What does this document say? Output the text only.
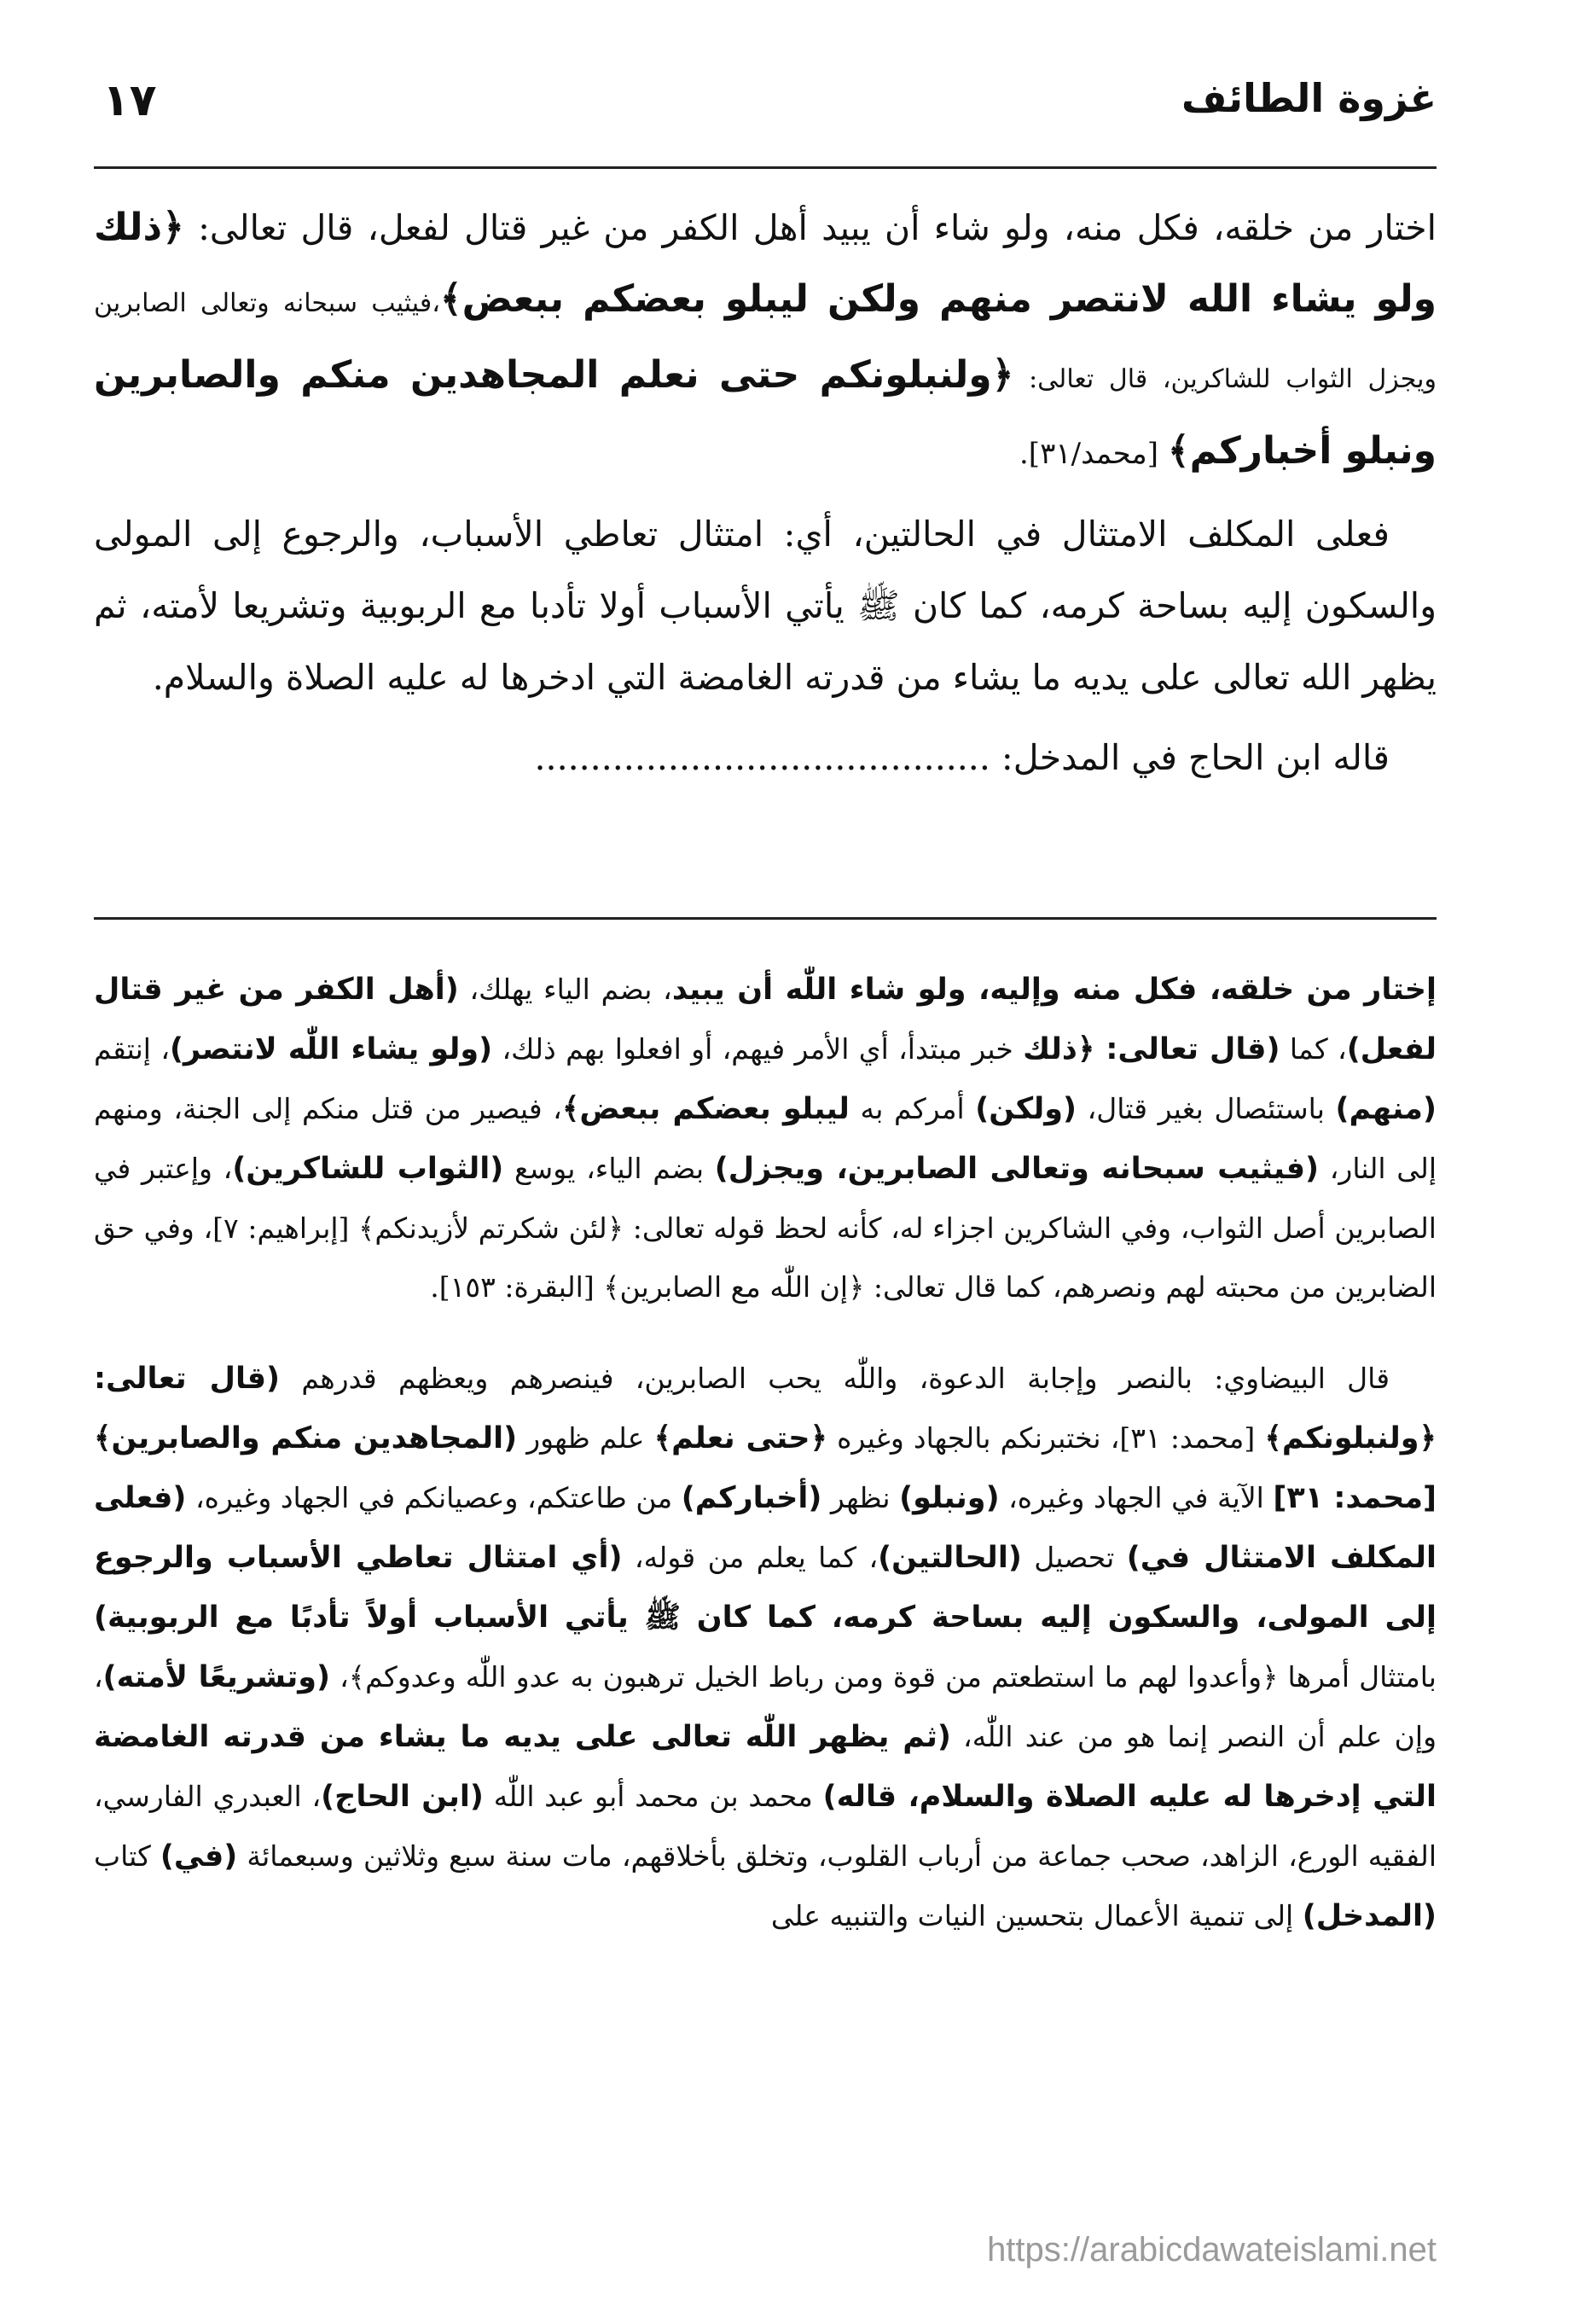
غزوة الطائف
١٧

اختار من خلقه، فكل منه، ولو شاء أن يبيد أهل الكفر من غير قتال لفعل، قال تعالى: ﴿ذلك ولو يشاء الله لانتصر منهم ولكن ليبلو بعضكم ببعض﴾،فيثيب سبحانه وتعالى الصابرين ويجزل الثواب للشاكرين، قال تعالى: ﴿ولنبلونكم حتى نعلم المجاهدين منكم والصابرين ونبلو أخباركم﴾ [محمد/٣١].

فعلى المكلف الامتثال في الحالتين، أي: امتثال تعاطي الأسباب، والرجوع إلى المولى والسكون إليه بساحة كرمه، كما كان ﷺ يأتي الأسباب أولا تأدبا مع الربوبية وتشريعا لأمته، ثم يظهر الله تعالى على يديه ما يشاء من قدرته الغامضة التي ادخرها له عليه الصلاة والسلام.

قاله ابن الحاج في المدخل: .........................................

إختار من خلقه، فكل منه وإليه، ولو شاء اللّٰه أن يبيد، بضم الياء يهلك، (أهل الكفر من غير قتال لفعل)، كما (قال تعالى: ﴿ذلك خبر مبتدأ، أي الأمر فيهم، أو افعلوا بهم ذلك، (ولو يشاء اللّٰه لانتصر)، إنتقم (منهم) باستئصال بغير قتال، (ولكن) أمركم به ليبلو بعضكم ببعض﴾، فيصير من قتل منكم إلى الجنة، ومنهم إلى النار، (فيثيب سبحانه وتعالى الصابرين، ويجزل) بضم الياء، يوسع (الثواب للشاكرين)، وإعتبر في الصابرين أصل الثواب، وفي الشاكرين اجزاء له، كأنه لحظ قوله تعالى: ﴿لئن شكرتم لأزيدنكم﴾ [إبراهيم: ٧]، وفي حق الضابرين من محبته لهم ونصرهم، كما قال تعالى: ﴿إن اللّٰه مع الصابرين﴾ [البقرة: ١٥٣].

قال البيضاوي: بالنصر وإجابة الدعوة، واللّٰه يحب الصابرين، فينصرهم ويعظهم قدرهم (قال تعالى: ﴿ولنبلونكم﴾ [محمد: ٣١]، نختبرنكم بالجهاد وغيره ﴿حتى نعلم﴾ علم ظهور (المجاهدين منكم والصابرين﴾ [محمد: ٣١] الآية في الجهاد وغيره، (ونبلو) نظهر (أخباركم) من طاعتكم، وعصيانكم في الجهاد وغيره، (فعلى المكلف الامتثال في) تحصيل (الحالتين)، كما يعلم من قوله، (أي امتثال تعاطي الأسباب والرجوع إلى المولى، والسكون إليه بساحة كرمه، كما كان ﷺ يأتي الأسباب أولاً تأدبًا مع الربوبية) بامتثال أمرها ﴿وأعدوا لهم ما استطعتم من قوة ومن رباط الخيل ترهبون به عدو اللّٰه وعدوكم﴾، (وتشريعًا لأمته)، وإن علم أن النصر إنما هو من عند اللّٰه، (ثم يظهر اللّٰه تعالى على يديه ما يشاء من قدرته الغامضة التي إدخرها له عليه الصلاة والسلام، قاله) محمد بن محمد أبو عبد اللّٰه (ابن الحاج)، العبدري الفارسي، الفقيه الورع، الزاهد، صحب جماعة من أرباب القلوب، وتخلق بأخلاقهم، مات سنة سبع وثلاثين وسبعمائة (في) كتاب (المدخل) إلى تنمية الأعمال بتحسين النيات والتنبيه على

https://arabicdawateislami.net
